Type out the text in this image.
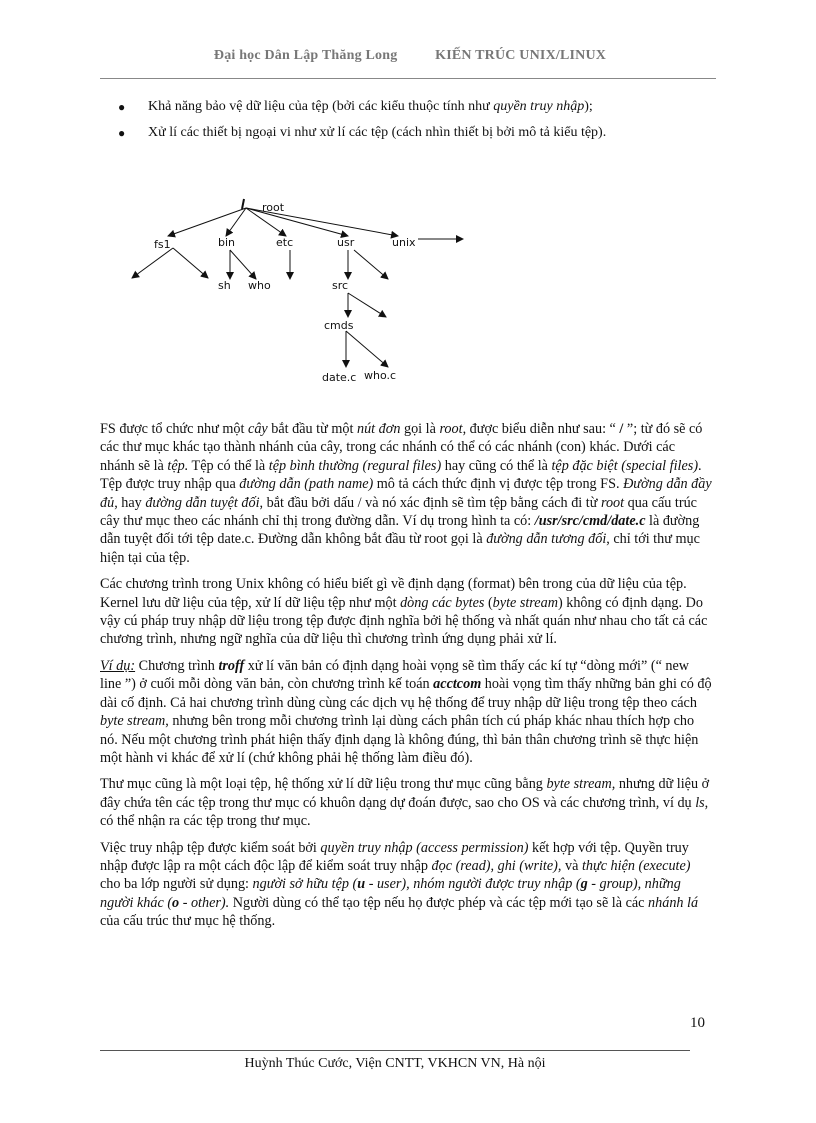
Đại học Dân Lập Thăng Long	KIẾN TRÚC UNIX/LINUX
●	Khả năng bảo vệ dữ liệu của tệp (bởi các kiểu thuộc tính như quyền truy nhập);
●	Xử lí các thiết bị ngoại vi như xử lí các tệp (cách nhìn thiết bị bởi mô tả kiểu tệp).
root
fs1	bin	etc	usr	unix
sh who	src
cmds
date.c who.c

FS được tổ chức như một cây bắt đầu từ một nút đơn gọi là root, được biểu diễn như sau: “ / ”; từ đó sẽ có các thư mục khác tạo thành nhánh của cây, trong các nhánh có thể có các nhánh (con) khác. Dưới các nhánh sẽ là tệp. Tệp có thể là tệp bình thường (regural files) hay cũng có thể là tệp đặc biệt (special files). Tệp được truy nhập qua đường dẫn (path name) mô tả cách thức định vị được tệp trong FS. Đường dẫn đầy đủ, hay đường dẫn tuyệt đối, bắt đầu bởi dấu / và nó xác định sẽ tìm tệp bằng cách đi từ root qua cấu trúc cây thư mục theo các nhánh chỉ thị trong đường dẫn. Ví dụ trong hình ta có: /usr/src/cmd/date.c là đường dẫn tuyệt đối tới tệp date.c. Đường dẫn không bắt đầu từ root gọi là đường dẫn tương đối, chỉ tới thư mục hiện tại của tệp.

Các chương trình trong Unix không có hiểu biết gì về định dạng (format) bên trong của dữ liệu của tệp. Kernel lưu dữ liệu của tệp, xử lí dữ liệu tệp như một dòng các bytes (byte stream) không có định dạng. Do vậy cú pháp truy nhập dữ liệu trong tệp được định nghĩa bởi hệ thống và nhất quán như nhau cho tất cả các chương trình, nhưng ngữ nghĩa của dữ liệu thì chương trình ứng dụng phải xử lí.

Ví dụ: Chương trình troff xử lí văn bản có định dạng hoài vọng sẽ tìm thấy các kí tự “dòng mới” (“ new line ”) ở cuối mỗi dòng văn bản, còn chương trình kế toán acctcom hoài vọng tìm thấy những bản ghi có độ dài cố định. Cả hai chương trình dùng cùng các dịch vụ hệ thống để truy nhập dữ liệu trong tệp theo cách byte stream, nhưng bên trong mỗi chương trình lại dùng cách phân tích cú pháp khác nhau thích hợp cho nó. Nếu một chương trình phát hiện thấy định dạng là không đúng, thì bản thân chương trình sẽ thực hiện một hành vi khác để xử lí (chứ không phải hệ thống làm điều đó).

Thư mục cũng là một loại tệp, hệ thống xử lí dữ liệu trong thư mục cũng bằng byte stream, nhưng dữ liệu ở đây chứa tên các tệp trong thư mục có khuôn dạng dự đoán được, sao cho OS và các chương trình, ví dụ ls, có thể nhận ra các tệp trong thư mục.

Việc truy nhập tệp được kiểm soát bởi quyền truy nhập (access permission) kết hợp với tệp. Quyền truy nhập được lập ra một cách độc lập để kiểm soát truy nhập đọc (read), ghi (write), và thực hiện (execute) cho ba lớp người sử dụng: người sở hữu tệp (u - user), nhóm người được truy nhập (g - group), những người khác (o - other). Người dùng có thể tạo tệp nếu họ được phép và các tệp mới tạo sẽ là các nhánh lá của cấu trúc thư mục hệ thống.

10
Huỳnh Thúc Cước, Viện CNTT, VKHCN VN, Hà nội
